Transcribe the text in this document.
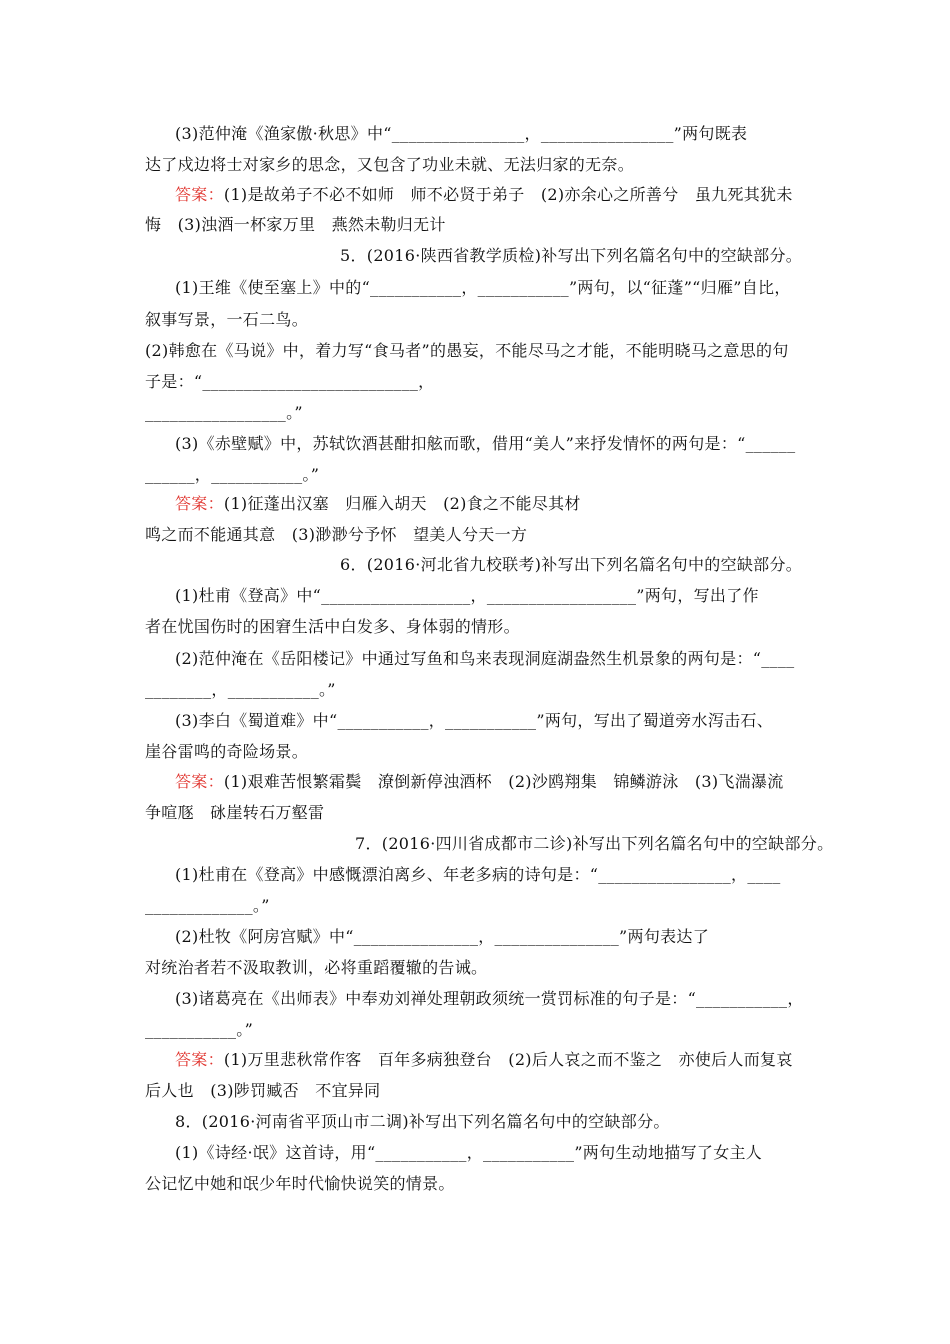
(3)范仲淹《渔家傲·秋思》中“________________，________________”两句既表
达了戍边将士对家乡的思念，又包含了功业未就、无法归家的无奈。
答案：(1)是故弟子不必不如师　师不必贤于弟子　(2)亦余心之所善兮　虽九死其犹未
悔　(3)浊酒一杯家万里　燕然未勒归无计
5．(2016·陕西省教学质检)补写出下列名篇名句中的空缺部分。
(1)王维《使至塞上》中的“___________，___________”两句，以“征蓬”“归雁”自比，
叙事写景，一石二鸟。
(2)韩愈在《马说》中，着力写“食马者”的愚妄，不能尽马之才能，不能明晓马之意思的句
子是：“__________________________，
_________________。”
(3)《赤壁赋》中，苏轼饮酒甚酣扣舷而歌，借用“美人”来抒发情怀的两句是：“______
______，___________。”
答案：(1)征蓬出汉塞　归雁入胡天　(2)食之不能尽其材
鸣之而不能通其意　(3)渺渺兮予怀　望美人兮天一方
6．(2016·河北省九校联考)补写出下列名篇名句中的空缺部分。
(1)杜甫《登高》中“__________________，__________________”两句，写出了作
者在忧国伤时的困窘生活中白发多、身体弱的情形。
(2)范仲淹在《岳阳楼记》中通过写鱼和鸟来表现洞庭湖盎然生机景象的两句是：“____
________，___________。”
(3)李白《蜀道难》中“___________，___________”两句，写出了蜀道旁水泻击石、
崖谷雷鸣的奇险场景。
答案：(1)艰难苦恨繁霜鬓　潦倒新停浊酒杯　(2)沙鸥翔集　锦鳞游泳　(3)飞湍瀑流
争喧豗　砯崖转石万壑雷
7．(2016·四川省成都市二诊)补写出下列名篇名句中的空缺部分。
(1)杜甫在《登高》中感慨漂泊离乡、年老多病的诗句是：“________________，____
_____________。”
(2)杜牧《阿房宫赋》中“_______________，_______________”两句表达了
对统治者若不汲取教训，必将重蹈覆辙的告诫。
(3)诸葛亮在《出师表》中奉劝刘禅处理朝政须统一赏罚标准的句子是：“___________，
___________。”
答案：(1)万里悲秋常作客　百年多病独登台　(2)后人哀之而不鉴之　亦使后人而复哀
后人也　(3)陟罚臧否　不宜异同
8．(2016·河南省平顶山市二调)补写出下列名篇名句中的空缺部分。
(1)《诗经·氓》这首诗，用“___________，___________”两句生动地描写了女主人
公记忆中她和氓少年时代愉快说笑的情景。
